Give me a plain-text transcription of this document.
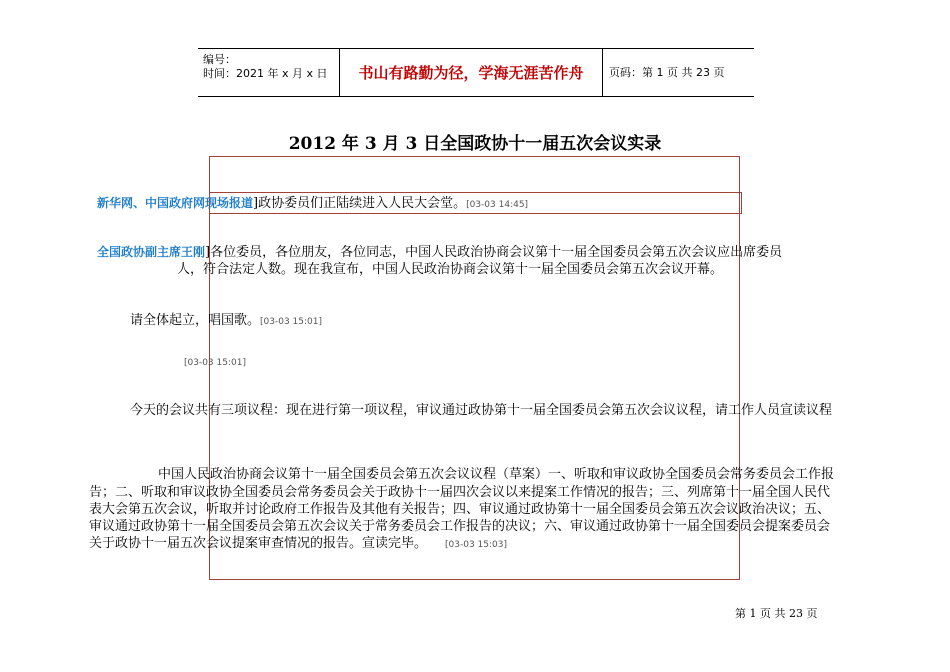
编号：
时间：2021 年 x 月 x 日	书山有路勤为径，学海无涯苦作舟	页码：第 1 页 共 23 页
2012 年 3 月 3 日全国政协十一届五次会议实录
新华网、中国政府网现场报道]政协委员们正陆续进入人民大会堂。[03-03 14:45]
全国政协副主席王刚]各位委员，各位朋友，各位同志，中国人民政治协商会议第十一届全国委员会第五次会议应出席委员
人，符合法定人数。现在我宣布，中国人民政治协商会议第十一届全国委员会第五次会议开幕。
请全体起立，唱国歌。[03-03 15:01]
[03-03 15:01]
今天的会议共有三项议程：现在进行第一项议程，审议通过政协第十一届全国委员会第五次会议议程，请工作人员宣读议程
中国人民政治协商会议第十一届全国委员会第五次会议议程（草案）一、听取和审议政协全国委员会常务委员会工作报
告；二、听取和审议政协全国委员会常务委员会关于政协十一届四次会议以来提案工作情况的报告；三、列席第十一届全国人民代
表大会第五次会议，听取并讨论政府工作报告及其他有关报告；四、审议通过政协第十一届全国委员会第五次会议政治决议；五、
审议通过政协第十一届全国委员会第五次会议关于常务委员会工作报告的决议；六、审议通过政协第十一届全国委员会提案委员会
关于政协十一届五次会议提案审查情况的报告。宣读完毕。 [03-03 15:03]
第 1 页 共 23 页
